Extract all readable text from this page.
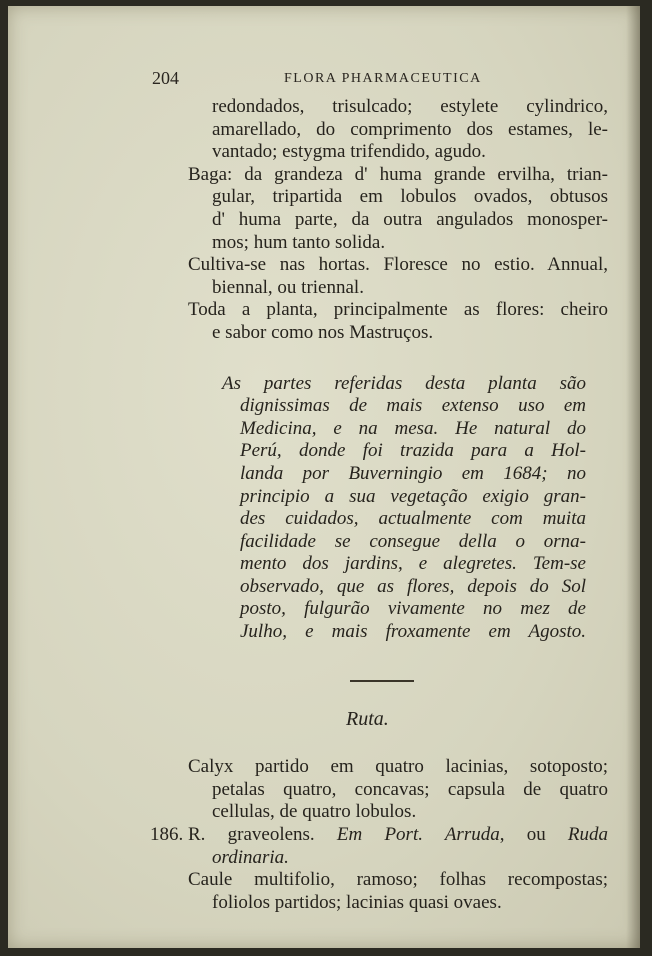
204	FLORA PHARMACEUTICA
redondados, trisulcado; estylete cylindrico,
amarellado, do comprimento dos estames, le-
vantado; estygma trifendido, agudo.
Baga: da grandeza d' huma grande ervilha, trian-
gular, tripartida em lobulos ovados, obtusos
d' huma parte, da outra angulados monosper-
mos; hum tanto solida.
Cultiva-se nas hortas. Floresce no estio. Annual,
biennal, ou triennal.
Toda a planta, principalmente as flores: cheiro
e sabor como nos Mastruços.
As partes referidas desta planta são
dignissimas de mais extenso uso em
Medicina, e na mesa. He natural do
Perú, donde foi trazida para a Hol-
landa por Buverningio em 1684; no
principio a sua vegetação exigio gran-
des cuidados, actualmente com muita
facilidade se consegue della o orna-
mento dos jardins, e alegretes. Tem-se
observado, que as flores, depois do Sol
posto, fulgurão vivamente no mez de
Julho, e mais froxamente em Agosto.
Ruta.
Calyx partido em quatro lacinias, sotoposto;
petalas quatro, concavas; capsula de quatro
cellulas, de quatro lobulos.
186. R. graveolens. Em Port. Arruda, ou Ruda
ordinaria.
Caule multifolio, ramoso; folhas recompostas;
foliolos partidos; lacinias quasi ovaes.
